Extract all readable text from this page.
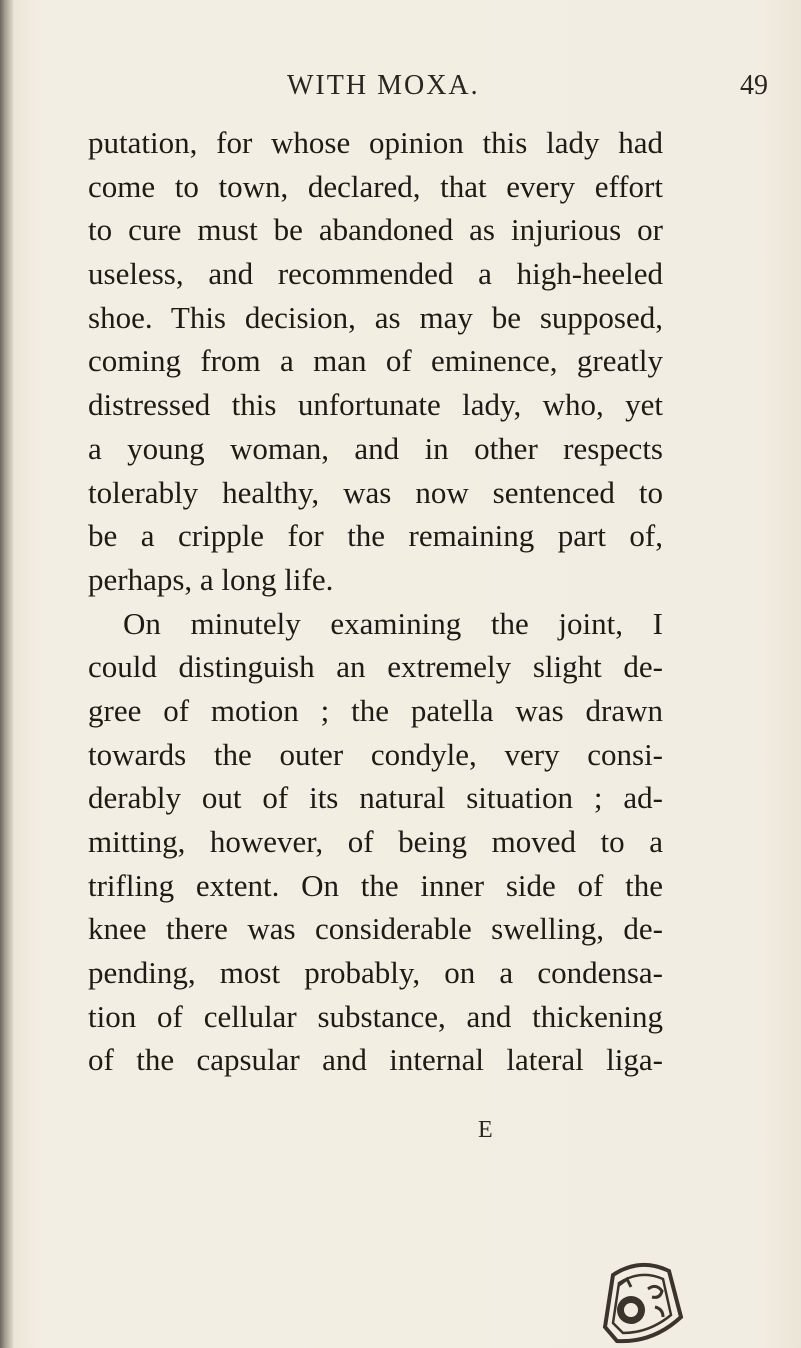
WITH MOXA.	49
putation, for whose opinion this lady had
come to town, declared, that every effort
to cure must be abandoned as injurious or
useless, and recommended a high-heeled
shoe. This decision, as may be supposed,
coming from a man of eminence, greatly
distressed this unfortunate lady, who, yet
a young woman, and in other respects
tolerably healthy, was now sentenced to
be a cripple for the remaining part of,
perhaps, a long life.
On minutely examining the joint, I
could distinguish an extremely slight de-
gree of motion ; the patella was drawn
towards the outer condyle, very consi-
derably out of its natural situation ; ad-
mitting, however, of being moved to a
trifling extent. On the inner side of the
knee there was considerable swelling, de-
pending, most probably, on a condensa-
tion of cellular substance, and thickening
of the capsular and internal lateral liga-
E
